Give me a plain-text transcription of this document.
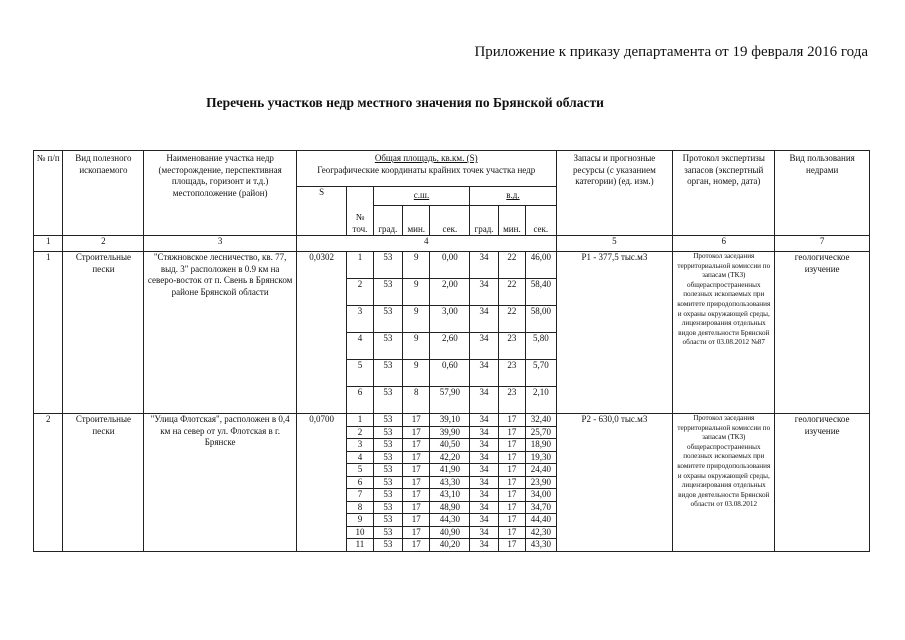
Приложение к приказу департамента от 19 февраля 2016 года
Перечень участков недр местного значения по Брянской области
№ п/п	Вид полезного ископаемого	Наименование участка недр (месторождение, перспективная площадь, горизонт и т.д.) местоположение (район)	Общая площадь, кв.км. (S)
Географические координаты крайних точек участка недр								Запасы и прогнозные ресурсы (с указанием категории) (ед. изм.)	Протокол экспертизы запасов (экспертный орган, номер, дата)	Вид пользования недрами
			S	№ точ.	с.ш.			в.д.					
					град.	мин.	сек.	град.	мин.	сек.			
1	2	3	4								5	6	7
1	Строительные пески	"Стяжновское лесничество, кв. 77, выд. 3" расположен в 0.9 км на северо-восток от п. Свень в Брянском районе Брянской области	0,0302	1	53	9	0,00	34	22	46,00	Р1 - 377,5 тыс.м3	Протокол заседания территориальной комиссии по запасам (ТКЗ) общераспространенных полезных ископаемых при комитете природопользования и охраны окружающей среды, лицензирования отдельных видов деятельности Брянской области от 03.08.2012 №87	геологическое изучение
				2	53	9	2,00	34	22	58,40			
				3	53	9	3,00	34	22	58,00			
				4	53	9	2,60	34	23	5,80			
				5	53	9	0,60	34	23	5,70			
				6	53	8	57,90	34	23	2,10			
2	Строительные пески	"Улица Флотская", расположен в 0,4 км на север от ул. Флотская в г. Брянске	0,0700	1	53	17	39,10	34	17	32,40	Р2 - 630,0 тыс.м3	Протокол заседания территориальной комиссии по запасам (ТКЗ) общераспространенных полезных ископаемых при комитете природопользования и охраны окружающей среды, лицензирования отдельных видов деятельности Брянской области от 03.08.2012	геологическое изучение
				2	53	17	39,90	34	17	25,70			
				3	53	17	40,50	34	17	18,90			
				4	53	17	42,20	34	17	19,30			
				5	53	17	41,90	34	17	24,40			
				6	53	17	43,30	34	17	23,90			
				7	53	17	43,10	34	17	34,00			
				8	53	17	48,90	34	17	34,70			
				9	53	17	44,30	34	17	44,40			
				10	53	17	40,90	34	17	42,30			
				11	53	17	40,20	34	17	43,30			
